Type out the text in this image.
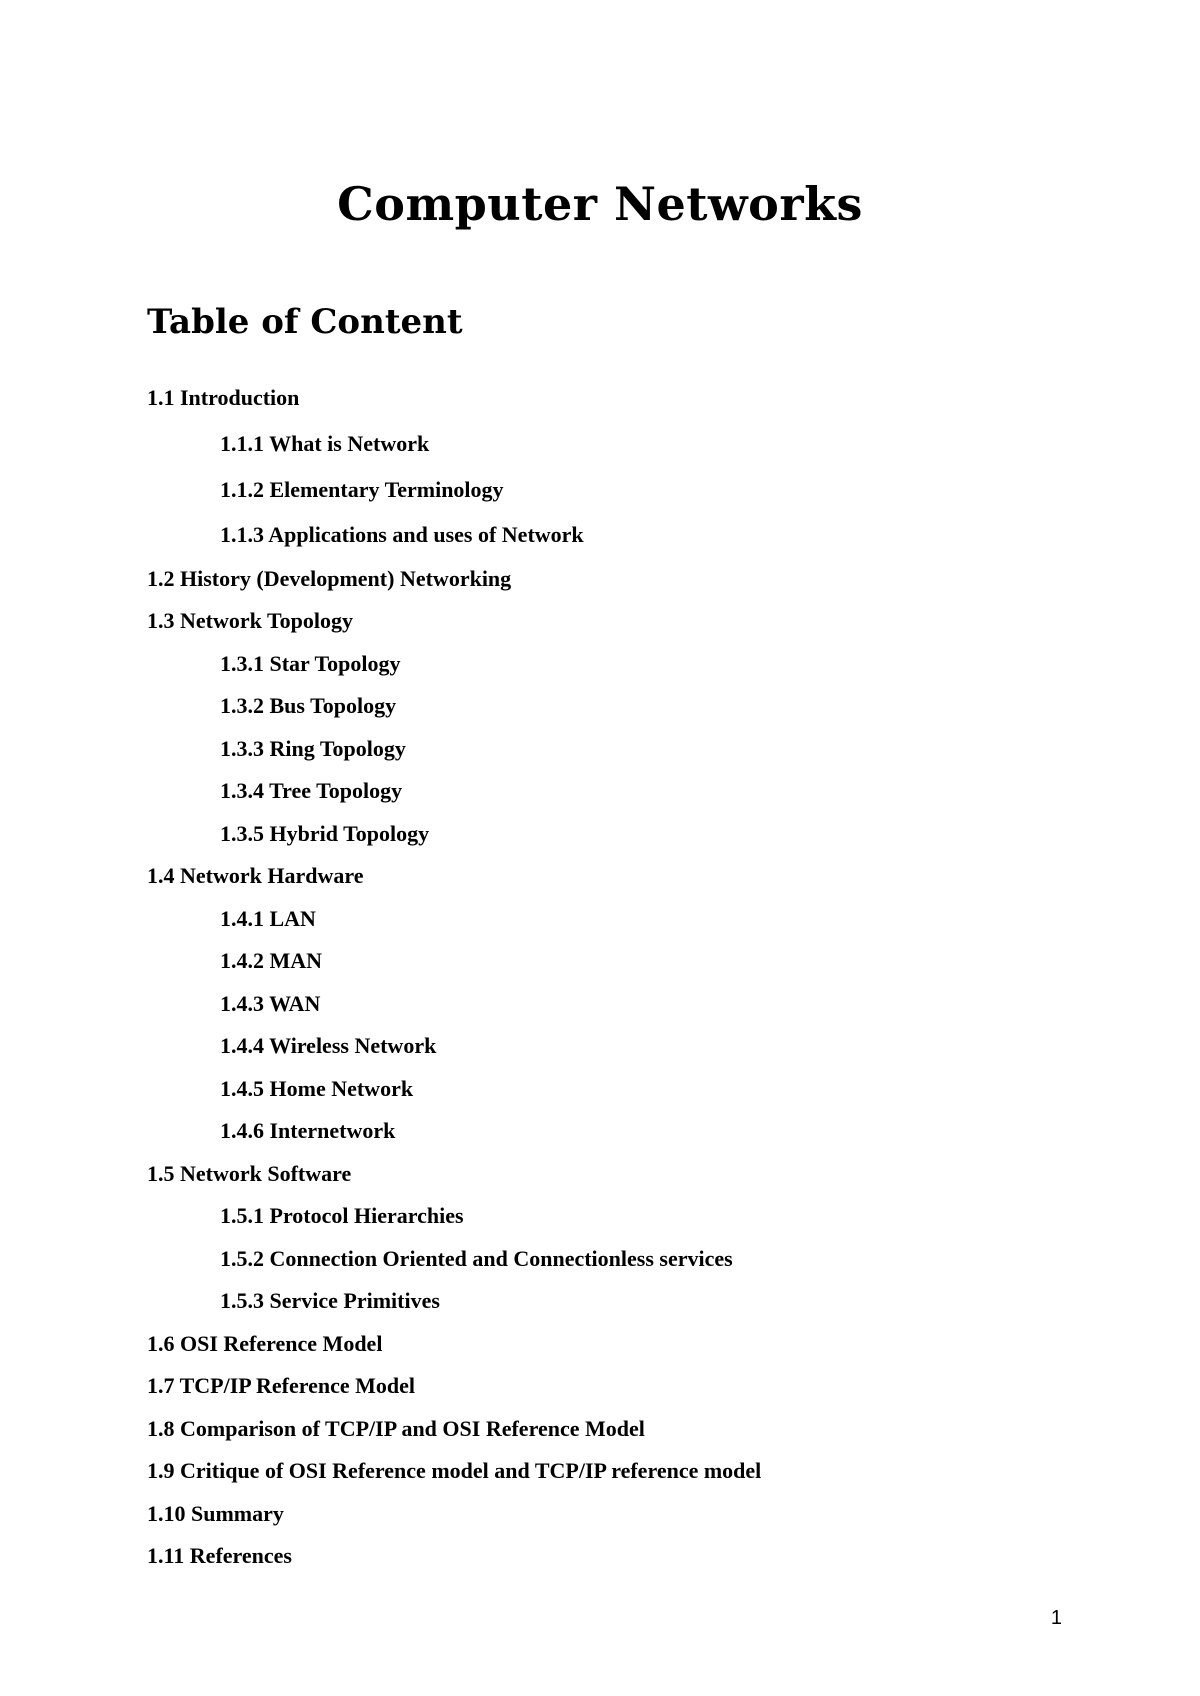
Computer Networks
Table of Content
1.1 Introduction
1.1.1 What is Network
1.1.2 Elementary Terminology
1.1.3 Applications and uses of Network
1.2 History (Development) Networking
1.3 Network Topology
1.3.1 Star Topology
1.3.2 Bus Topology
1.3.3 Ring Topology
1.3.4 Tree Topology
1.3.5 Hybrid Topology
1.4 Network Hardware
1.4.1 LAN
1.4.2 MAN
1.4.3 WAN
1.4.4 Wireless Network
1.4.5 Home Network
1.4.6 Internetwork
1.5 Network Software
1.5.1 Protocol Hierarchies
1.5.2 Connection Oriented and Connectionless services
1.5.3 Service Primitives
1.6 OSI Reference Model
1.7 TCP/IP Reference Model
1.8 Comparison of TCP/IP and OSI Reference Model
1.9 Critique of OSI Reference model and TCP/IP reference model
1.10 Summary
1.11 References
1
